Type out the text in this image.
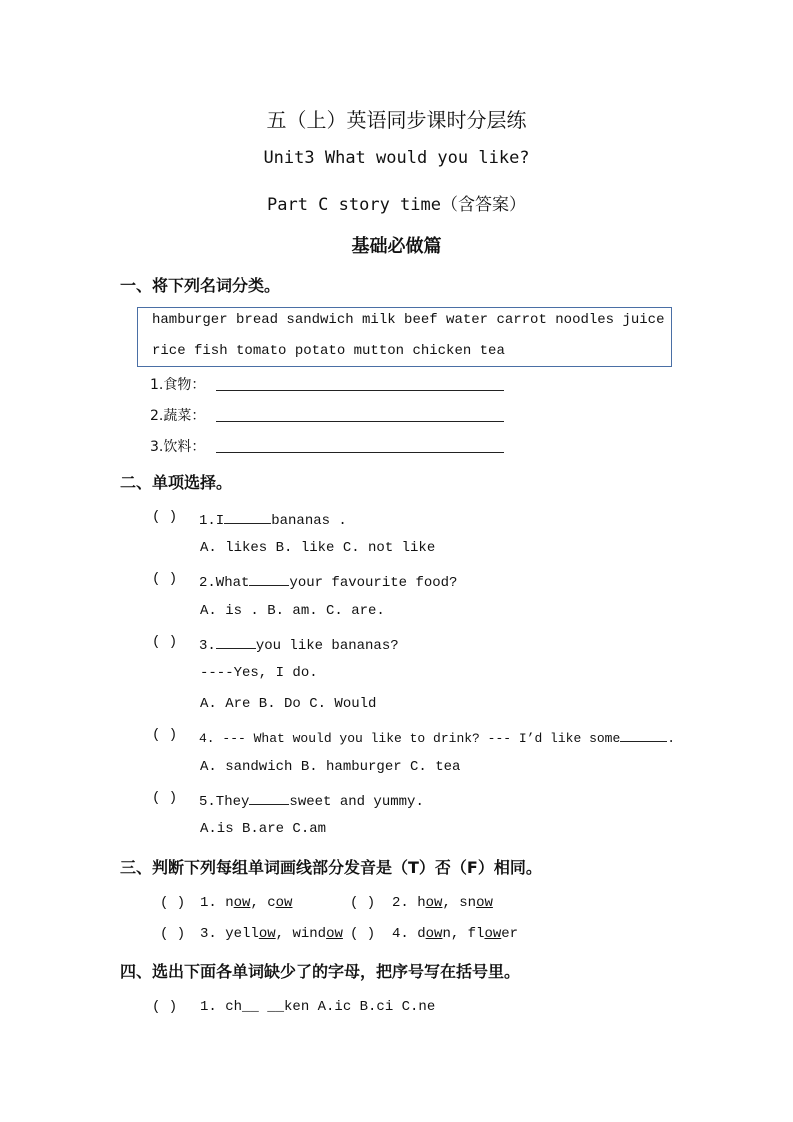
五（上）英语同步课时分层练
Unit3 What would you like?
Part C story time（含答案）
基础必做篇
一、将下列名词分类。
hamburger bread sandwich milk beef water carrot noodles juice
rice fish tomato potato mutton chicken tea
1.食物：
2.蔬菜：
3.饮料：
二、单项选择。
( ) 1.I	bananas .
A. likes B. like C. not like
( ) 2.What	your favourite food?
A. is . B. am. C. are.
( ) 3.	you like bananas?
----Yes, I do.
A. Are B. Do C. Would
( ) 4. --- What would you like to drink? --- I’d like some	.
A. sandwich B. hamburger C. tea
( ) 5.They	sweet and yummy.
A.is B.are C.am
三、判断下列每组单词画线部分发音是（T）否（F）相同。
( ) 1. now, cow	( ) 2. how, snow
( ) 3. yellow, window ( ) 4. down, flower
四、选出下面各单词缺少了的字母，把序号写在括号里。
( ) 1. ch__ __ken A.ic B.ci C.ne
